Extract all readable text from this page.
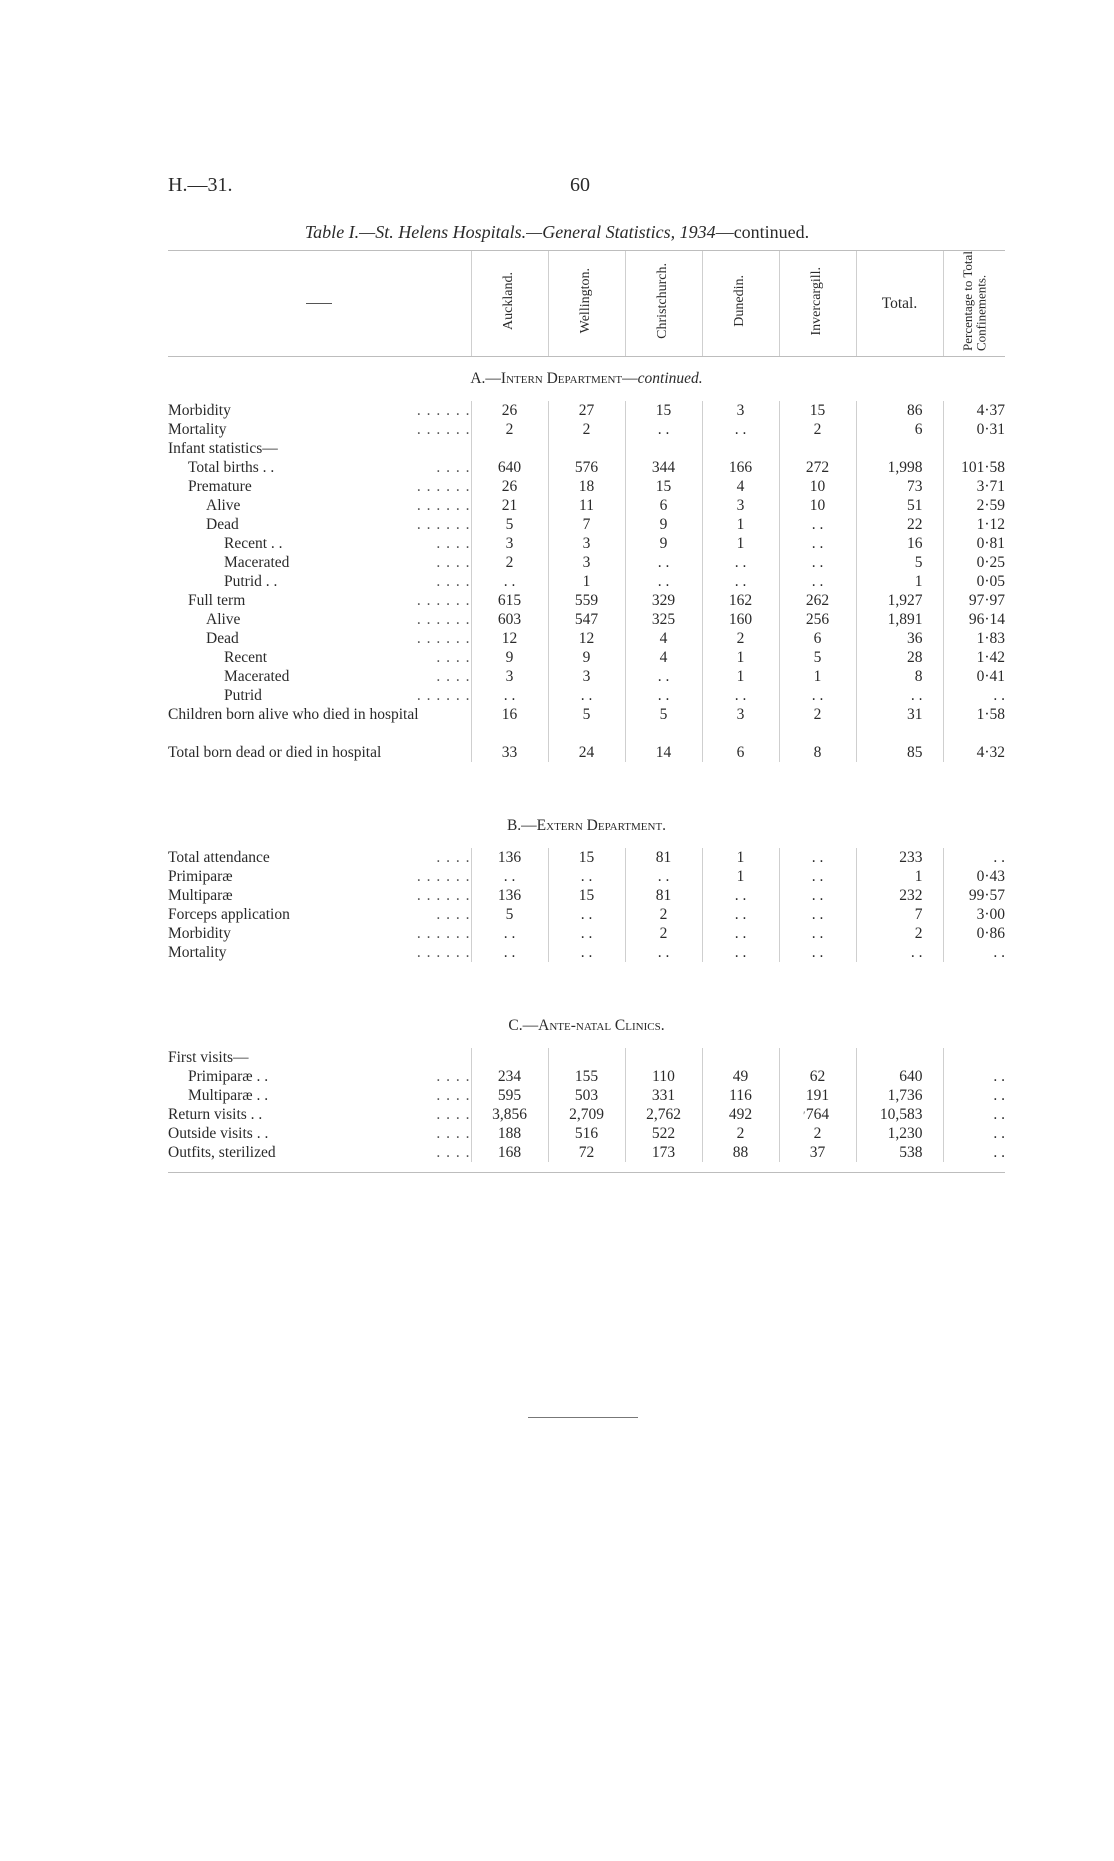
H.—31.	60
Table I.—St. Helens Hospitals.—General Statistics, 1934—continued.
	Auckland.	Wellington.	Christchurch.	Dunedin.	Invercargill.	Total.	Percentage to Total Confinements.
A.—Intern Department—continued.							
Morbidity . . . . . .	26	27	15	3	15	86	4·37
Mortality . . . . . .	2	2	. .	. .	2	6	0·31
Infant statistics—							
Total births . . . . . .	640	576	344	166	272	1,998	101·58
Premature . . . . . .	26	18	15	4	10	73	3·71
Alive . . . . . .	21	11	6	3	10	51	2·59
Dead . . . . . .	5	7	9	1	. .	22	1·12
Recent . . . . . .	3	3	9	1	. .	16	0·81
Macerated . . . .	2	3	. .	. .	. .	5	0·25
Putrid . . . . . .	. .	1	. .	. .	. .	1	0·05
Full term . . . . . .	615	559	329	162	262	1,927	97·97
Alive . . . . . .	603	547	325	160	256	1,891	96·14
Dead . . . . . .	12	12	4	2	6	36	1·83
Recent . . . .	9	9	4	1	5	28	1·42
Macerated . . . .	3	3	. .	1	1	8	0·41
Putrid . . . . . .	. .	. .	. .	. .	. .	. .	. .
Children born alive who died in hospital	16	5	5	3	2	31	1·58
Total born dead or died in hospital	33	24	14	6	8	85	4·32

B.—Extern Department.							
Total attendance . . . .	136	15	81	1	. .	233	. .
Primiparæ . . . . . .	. .	. .	. .	1	. .	1	0·43
Multiparæ . . . . . .	136	15	81	. .	. .	232	99·57
Forceps application . . . .	5	. .	2	. .	. .	7	3·00
Morbidity . . . . . .	. .	. .	2	. .	. .	2	0·86
Mortality . . . . . .	. .	. .	. .	. .	. .	. .	. .

C.—Ante-natal Clinics.							
First visits—							
Primiparæ . . . . . .	234	155	110	49	62	640	. .
Multiparæ . . . . . .	595	503	331	116	191	1,736	. .
Return visits . . . . . .	3,856	2,709	2,762	492	764	10,583	. .
Outside visits . . . . . .	188	516	522	2	2	1,230	. .
Outfits, sterilized . . . .	168	72	173	88	37	538	. .

′
